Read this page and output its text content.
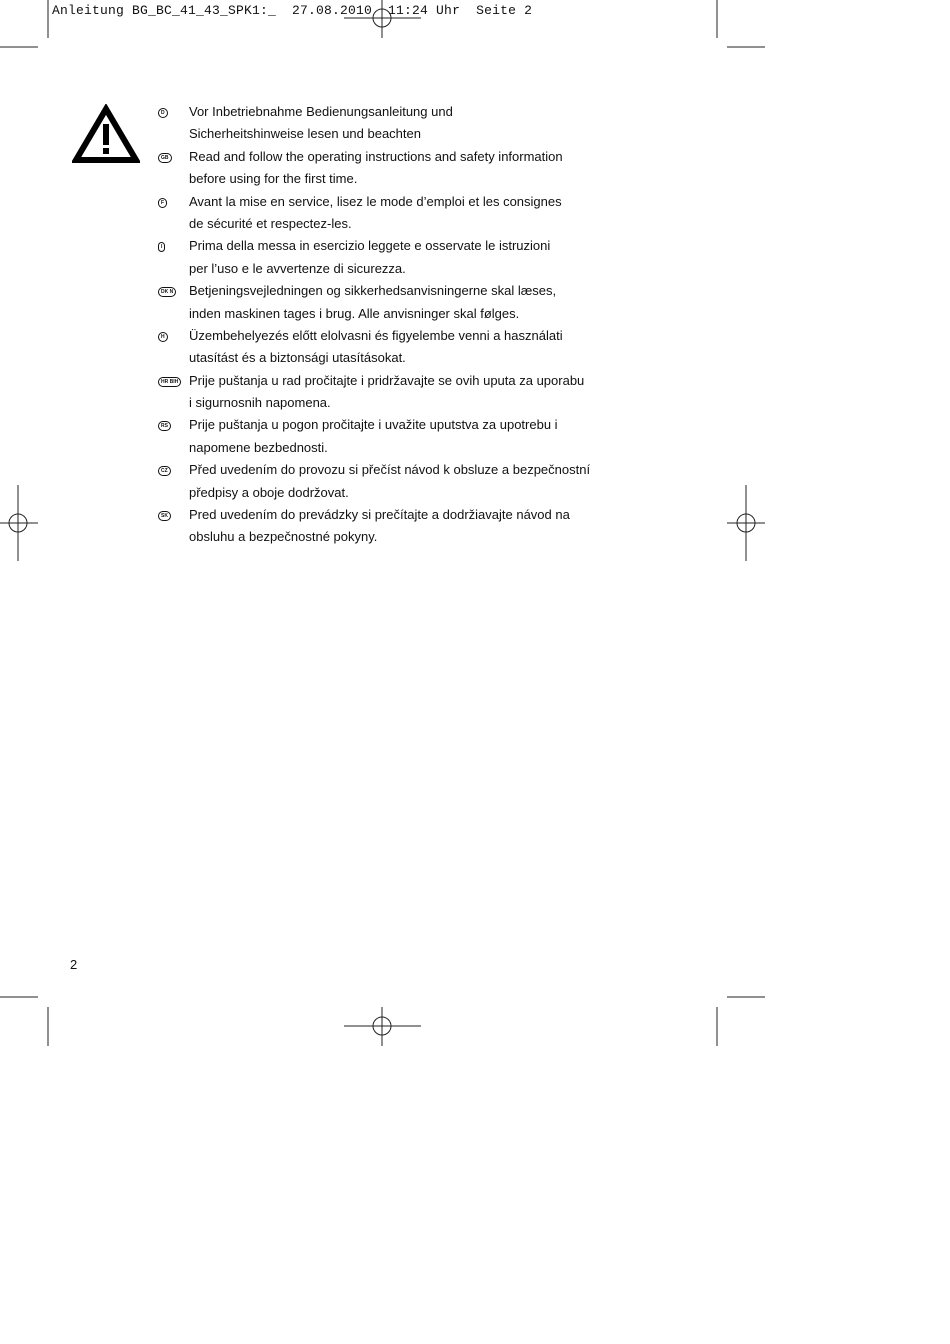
Anleitung BG_BC_41_43_SPK1:_  27.08.2010  11:24 Uhr  Seite 2
D Vor Inbetriebnahme Bedienungsanleitung und
Sicherheitshinweise lesen und beachten
GB Read and follow the operating instructions and safety information
before using for the first time.
F Avant la mise en service, lisez le mode d’emploi et les consignes
de sécurité et respectez-les.
I Prima della messa in esercizio leggete e osservate le istruzioni
per l’uso e le avvertenze di sicurezza.
DK N Betjeningsvejledningen og sikkerhedsanvisningerne skal læses,
inden maskinen tages i brug. Alle anvisninger skal følges.
H Üzembehelyezés előtt elolvasni és figyelembe venni a használati
utasítást és a biztonsági utasításokat.
HR BIH Prije puštanja u rad pročitajte i pridržavajte se ovih uputa za uporabu
i sigurnosnih napomena.
RS Prije puštanja u pogon pročitajte i uvažite uputstva za upotrebu i
napomene bezbednosti.
CZ Před uvedením do provozu si přečíst návod k obsluze a bezpečnostní
předpisy a oboje dodržovat.
SK Pred uvedením do prevádzky si prečítajte a dodržiavajte návod na
obsluhu a bezpečnostné pokyny.
2
